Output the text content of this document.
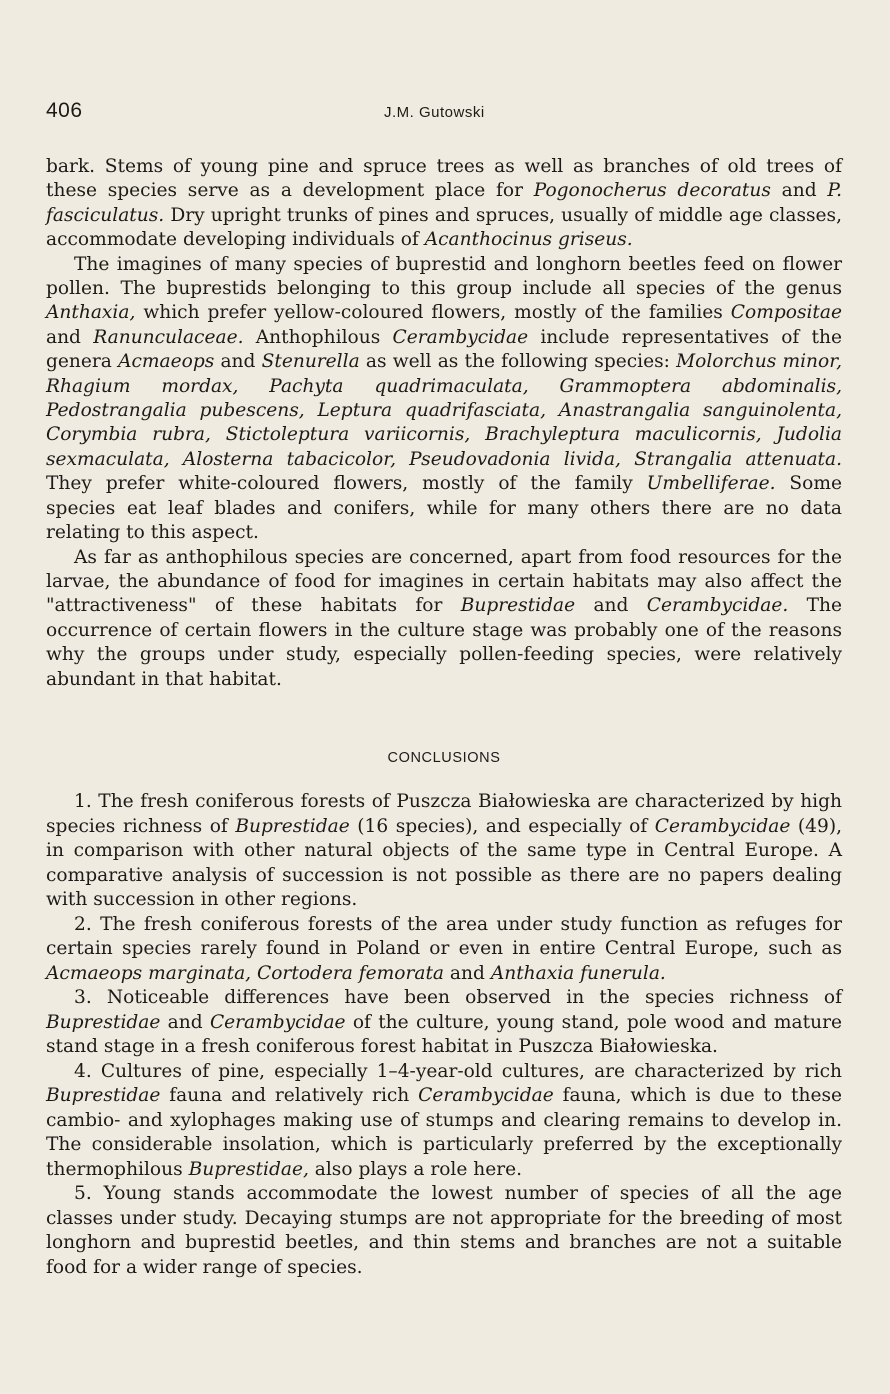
406	J.M. Gutowski

bark. Stems of young pine and spruce trees as well as branches of old trees of these species serve as a development place for Pogonocherus decoratus and P. fasciculatus. Dry upright trunks of pines and spruces, usually of middle age classes, accommodate developing individuals of Acanthocinus griseus.

The imagines of many species of buprestid and longhorn beetles feed on flower pollen. The buprestids belonging to this group include all species of the genus Anthaxia, which prefer yellow-coloured flowers, mostly of the families Compositae and Ranunculaceae. Anthophilous Cerambycidae include representatives of the genera Acmaeops and Stenurella as well as the following species: Molorchus minor, Rhagium mordax, Pachyta quadrimaculata, Grammoptera abdominalis, Pedostrangalia pubescens, Leptura quadrifasciata, Anastrangalia sanguinolenta, Corymbia rubra, Stictoleptura variicornis, Brachyleptura maculicornis, Judolia sexmaculata, Alosterna tabacicolor, Pseudovadonia livida, Strangalia attenuata. They prefer white-coloured flowers, mostly of the family Umbelliferae. Some species eat leaf blades and conifers, while for many others there are no data relating to this aspect.

As far as anthophilous species are concerned, apart from food resources for the larvae, the abundance of food for imagines in certain habitats may also affect the "attractiveness" of these habitats for Buprestidae and Cerambycidae. The occurrence of certain flowers in the culture stage was probably one of the reasons why the groups under study, especially pollen-feeding species, were relatively abundant in that habitat.

CONCLUSIONS

1. The fresh coniferous forests of Puszcza Białowieska are characterized by high species richness of Buprestidae (16 species), and especially of Cerambycidae (49), in comparison with other natural objects of the same type in Central Europe. A comparative analysis of succession is not possible as there are no papers dealing with succession in other regions.

2. The fresh coniferous forests of the area under study function as refuges for certain species rarely found in Poland or even in entire Central Europe, such as Acmaeops marginata, Cortodera femorata and Anthaxia funerula.

3. Noticeable differences have been observed in the species richness of Buprestidae and Cerambycidae of the culture, young stand, pole wood and mature stand stage in a fresh coniferous forest habitat in Puszcza Białowieska.

4. Cultures of pine, especially 1–4-year-old cultures, are characterized by rich Buprestidae fauna and relatively rich Cerambycidae fauna, which is due to these cambio- and xylophages making use of stumps and clearing remains to develop in. The considerable insolation, which is particularly preferred by the exceptionally thermophilous Buprestidae, also plays a role here.

5. Young stands accommodate the lowest number of species of all the age classes under study. Decaying stumps are not appropriate for the breeding of most longhorn and buprestid beetles, and thin stems and branches are not a suitable food for a wider range of species.
